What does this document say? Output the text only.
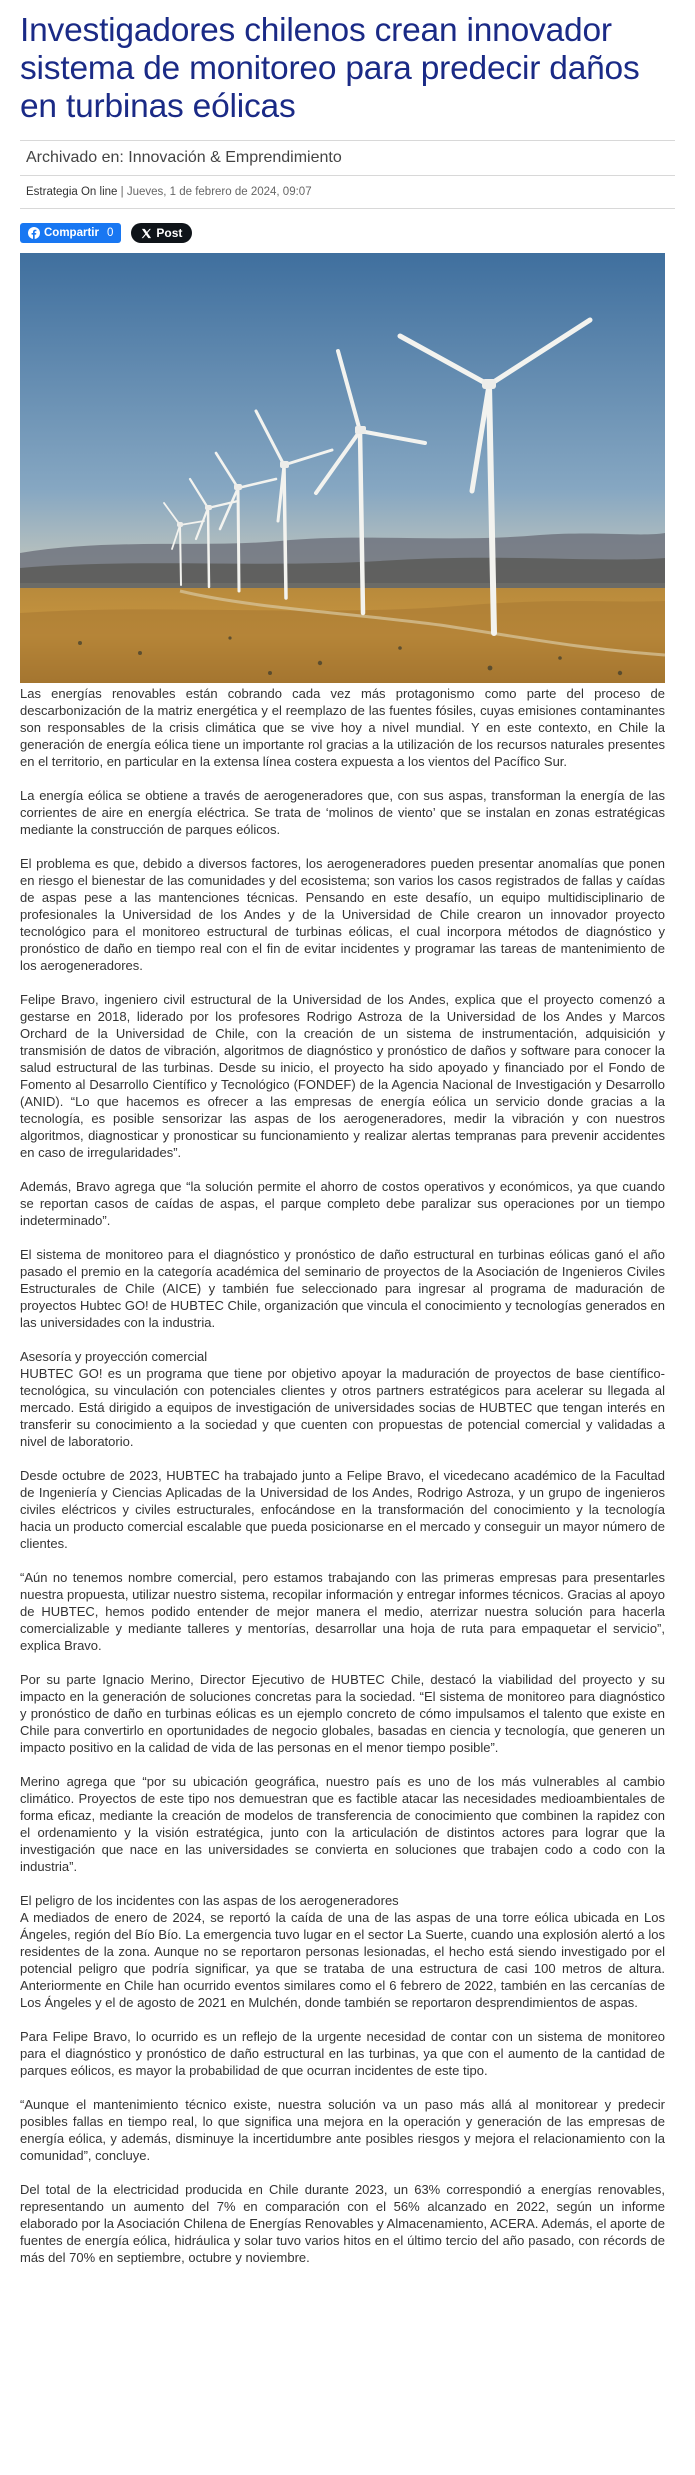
Investigadores chilenos crean innovador sistema de monitoreo para predecir daños en turbinas eólicas
Archivado en: Innovación & Emprendimiento
Estrategia On line | Jueves, 1 de febrero de 2024, 09:07
Compartir 0	Post

Las energías renovables están cobrando cada vez más protagonismo como parte del proceso de descarbonización de la matriz energética y el reemplazo de las fuentes fósiles, cuyas emisiones contaminantes son responsables de la crisis climática que se vive hoy a nivel mundial. Y en este contexto, en Chile la generación de energía eólica tiene un importante rol gracias a la utilización de los recursos naturales presentes en el territorio, en particular en la extensa línea costera expuesta a los vientos del Pacífico Sur.

La energía eólica se obtiene a través de aerogeneradores que, con sus aspas, transforman la energía de las corrientes de aire en energía eléctrica. Se trata de ‘molinos de viento’ que se instalan en zonas estratégicas mediante la construcción de parques eólicos.

El problema es que, debido a diversos factores, los aerogeneradores pueden presentar anomalías que ponen en riesgo el bienestar de las comunidades y del ecosistema; son varios los casos registrados de fallas y caídas de aspas pese a las mantenciones técnicas. Pensando en este desafío, un equipo multidisciplinario de profesionales la Universidad de los Andes y de la Universidad de Chile crearon un innovador proyecto tecnológico para el monitoreo estructural de turbinas eólicas, el cual incorpora métodos de diagnóstico y pronóstico de daño en tiempo real con el fin de evitar incidentes y programar las tareas de mantenimiento de los aerogeneradores.

Felipe Bravo, ingeniero civil estructural de la Universidad de los Andes, explica que el proyecto comenzó a gestarse en 2018, liderado por los profesores Rodrigo Astroza de la Universidad de los Andes y Marcos Orchard de la Universidad de Chile, con la creación de un sistema de instrumentación, adquisición y transmisión de datos de vibración, algoritmos de diagnóstico y pronóstico de daños y software para conocer la salud estructural de las turbinas. Desde su inicio, el proyecto ha sido apoyado y financiado por el Fondo de Fomento al Desarrollo Científico y Tecnológico (FONDEF) de la Agencia Nacional de Investigación y Desarrollo (ANID). “Lo que hacemos es ofrecer a las empresas de energía eólica un servicio donde gracias a la tecnología, es posible sensorizar las aspas de los aerogeneradores, medir la vibración y con nuestros algoritmos, diagnosticar y pronosticar su funcionamiento y realizar alertas tempranas para prevenir accidentes en caso de irregularidades”.

Además, Bravo agrega que “la solución permite el ahorro de costos operativos y económicos, ya que cuando se reportan casos de caídas de aspas, el parque completo debe paralizar sus operaciones por un tiempo indeterminado”.

El sistema de monitoreo para el diagnóstico y pronóstico de daño estructural en turbinas eólicas ganó el año pasado el premio en la categoría académica del seminario de proyectos de la Asociación de Ingenieros Civiles Estructurales de Chile (AICE) y también fue seleccionado para ingresar al programa de maduración de proyectos Hubtec GO! de HUBTEC Chile, organización que vincula el conocimiento y tecnologías generados en las universidades con la industria.

Asesoría y proyección comercial

HUBTEC GO! es un programa que tiene por objetivo apoyar la maduración de proyectos de base científico-tecnológica, su vinculación con potenciales clientes y otros partners estratégicos para acelerar su llegada al mercado. Está dirigido a equipos de investigación de universidades socias de HUBTEC que tengan interés en transferir su conocimiento a la sociedad y que cuenten con propuestas de potencial comercial y validadas a nivel de laboratorio.

Desde octubre de 2023, HUBTEC ha trabajado junto a Felipe Bravo, el vicedecano académico de la Facultad de Ingeniería y Ciencias Aplicadas de la Universidad de los Andes, Rodrigo Astroza, y un grupo de ingenieros civiles eléctricos y civiles estructurales, enfocándose en la transformación del conocimiento y la tecnología hacia un producto comercial escalable que pueda posicionarse en el mercado y conseguir un mayor número de clientes.

“Aún no tenemos nombre comercial, pero estamos trabajando con las primeras empresas para presentarles nuestra propuesta, utilizar nuestro sistema, recopilar información y entregar informes técnicos. Gracias al apoyo de HUBTEC, hemos podido entender de mejor manera el medio, aterrizar nuestra solución para hacerla comercializable y mediante talleres y mentorías, desarrollar una hoja de ruta para empaquetar el servicio”, explica Bravo.

Por su parte Ignacio Merino, Director Ejecutivo de HUBTEC Chile, destacó la viabilidad del proyecto y su impacto en la generación de soluciones concretas para la sociedad. “El sistema de monitoreo para diagnóstico y pronóstico de daño en turbinas eólicas es un ejemplo concreto de cómo impulsamos el talento que existe en Chile para convertirlo en oportunidades de negocio globales, basadas en ciencia y tecnología, que generen un impacto positivo en la calidad de vida de las personas en el menor tiempo posible”.

Merino agrega que “por su ubicación geográfica, nuestro país es uno de los más vulnerables al cambio climático. Proyectos de este tipo nos demuestran que es factible atacar las necesidades medioambientales de forma eficaz, mediante la creación de modelos de transferencia de conocimiento que combinen la rapidez con el ordenamiento y la visión estratégica, junto con la articulación de distintos actores para lograr que la investigación que nace en las universidades se convierta en soluciones que trabajen codo a codo con la industria”.

El peligro de los incidentes con las aspas de los aerogeneradores

A mediados de enero de 2024, se reportó la caída de una de las aspas de una torre eólica ubicada en Los Ángeles, región del Bío Bío. La emergencia tuvo lugar en el sector La Suerte, cuando una explosión alertó a los residentes de la zona. Aunque no se reportaron personas lesionadas, el hecho está siendo investigado por el potencial peligro que podría significar, ya que se trataba de una estructura de casi 100 metros de altura. Anteriormente en Chile han ocurrido eventos similares como el 6 febrero de 2022, también en las cercanías de Los Ángeles y el de agosto de 2021 en Mulchén, donde también se reportaron desprendimientos de aspas.

Para Felipe Bravo, lo ocurrido es un reflejo de la urgente necesidad de contar con un sistema de monitoreo para el diagnóstico y pronóstico de daño estructural en las turbinas, ya que con el aumento de la cantidad de parques eólicos, es mayor la probabilidad de que ocurran incidentes de este tipo.

“Aunque el mantenimiento técnico existe, nuestra solución va un paso más allá al monitorear y predecir posibles fallas en tiempo real, lo que significa una mejora en la operación y generación de las empresas de energía eólica, y además, disminuye la incertidumbre ante posibles riesgos y mejora el relacionamiento con la comunidad”, concluye.

Del total de la electricidad producida en Chile durante 2023, un 63% correspondió a energías renovables, representando un aumento del 7% en comparación con el 56% alcanzado en 2022, según un informe elaborado por la Asociación Chilena de Energías Renovables y Almacenamiento, ACERA. Además, el aporte de fuentes de energía eólica, hidráulica y solar tuvo varios hitos en el último tercio del año pasado, con récords de más del 70% en septiembre, octubre y noviembre.
